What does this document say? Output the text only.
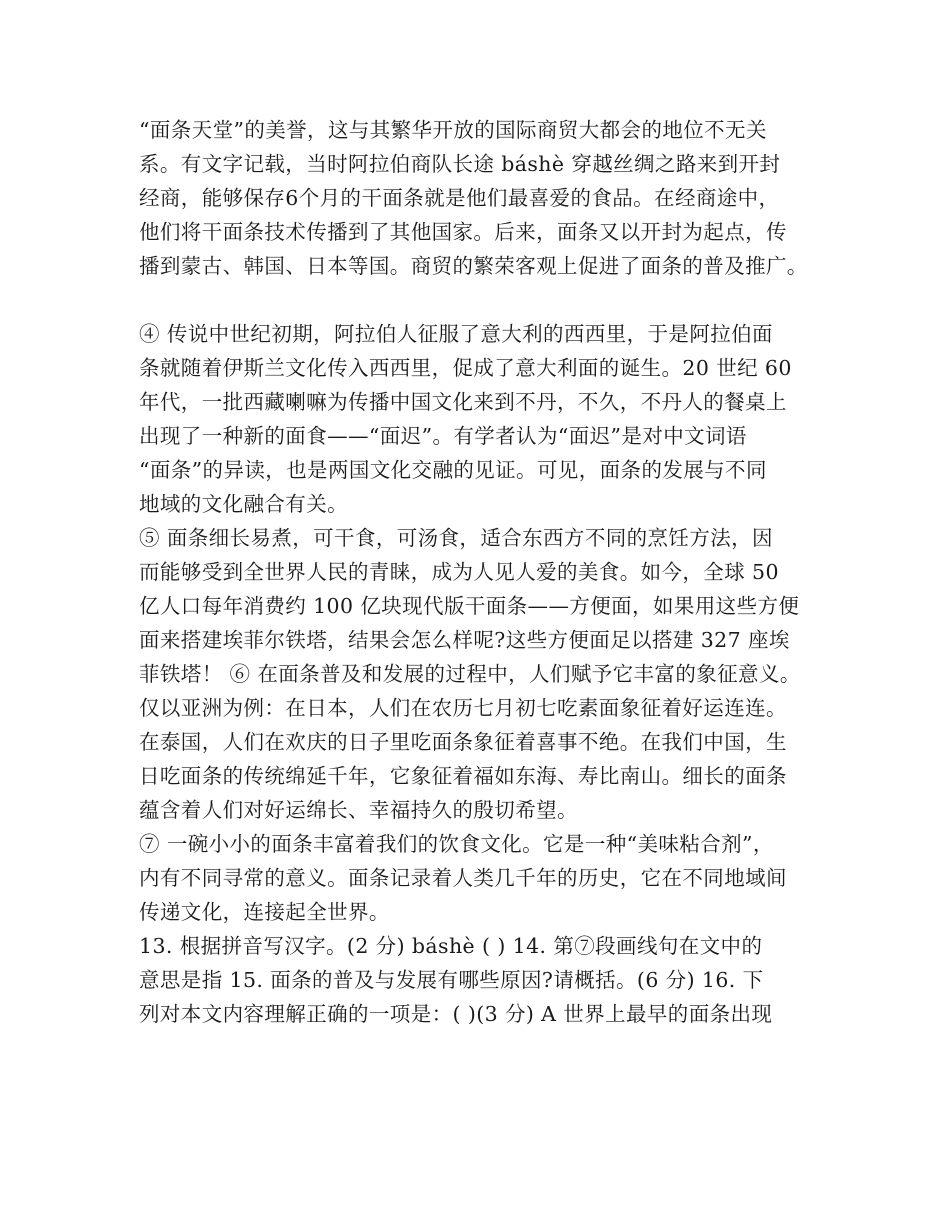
“面条天堂”的美誉，这与其繁华开放的国际商贸大都会的地位不无关
系。有文字记载，当时阿拉伯商队长途 báshè 穿越丝绸之路来到开封
经商，能够保存6个月的干面条就是他们最喜爱的食品。在经商途中，
他们将干面条技术传播到了其他国家。后来，面条又以开封为起点，传
播到蒙古、韩国、日本等国。商贸的繁荣客观上促进了面条的普及推广。
④ 传说中世纪初期，阿拉伯人征服了意大利的西西里，于是阿拉伯面
条就随着伊斯兰文化传入西西里，促成了意大利面的诞生。20 世纪 60
年代，一批西藏喇嘛为传播中国文化来到不丹，不久，不丹人的餐桌上
出现了一种新的面食——“面迟”。有学者认为“面迟”是对中文词语
“面条”的异读，也是两国文化交融的见证。可见，面条的发展与不同
地域的文化融合有关。
⑤ 面条细长易煮，可干食，可汤食，适合东西方不同的烹饪方法，因
而能够受到全世界人民的青睐，成为人见人爱的美食。如今，全球 50
亿人口每年消费约 100 亿块现代版干面条——方便面，如果用这些方便
面来搭建埃菲尔铁塔，结果会怎么样呢?这些方便面足以搭建 327 座埃
菲铁塔！ ⑥ 在面条普及和发展的过程中，人们赋予它丰富的象征意义。
仅以亚洲为例：在日本，人们在农历七月初七吃素面象征着好运连连。
在泰国，人们在欢庆的日子里吃面条象征着喜事不绝。在我们中国，生
日吃面条的传统绵延千年，它象征着福如东海、寿比南山。细长的面条
蕴含着人们对好运绵长、幸福持久的殷切希望。
⑦ 一碗小小的面条丰富着我们的饮食文化。它是一种“美味粘合剂”，
内有不同寻常的意义。面条记录着人类几千年的历史，它在不同地域间
传递文化，连接起全世界。
13. 根据拼音写汉字。(2 分) báshè ( ) 14. 第⑦段画线句在文中的
意思是指 15. 面条的普及与发展有哪些原因?请概括。(6 分) 16. 下
列对本文内容理解正确的一项是：( )(3 分) A 世界上最早的面条出现
